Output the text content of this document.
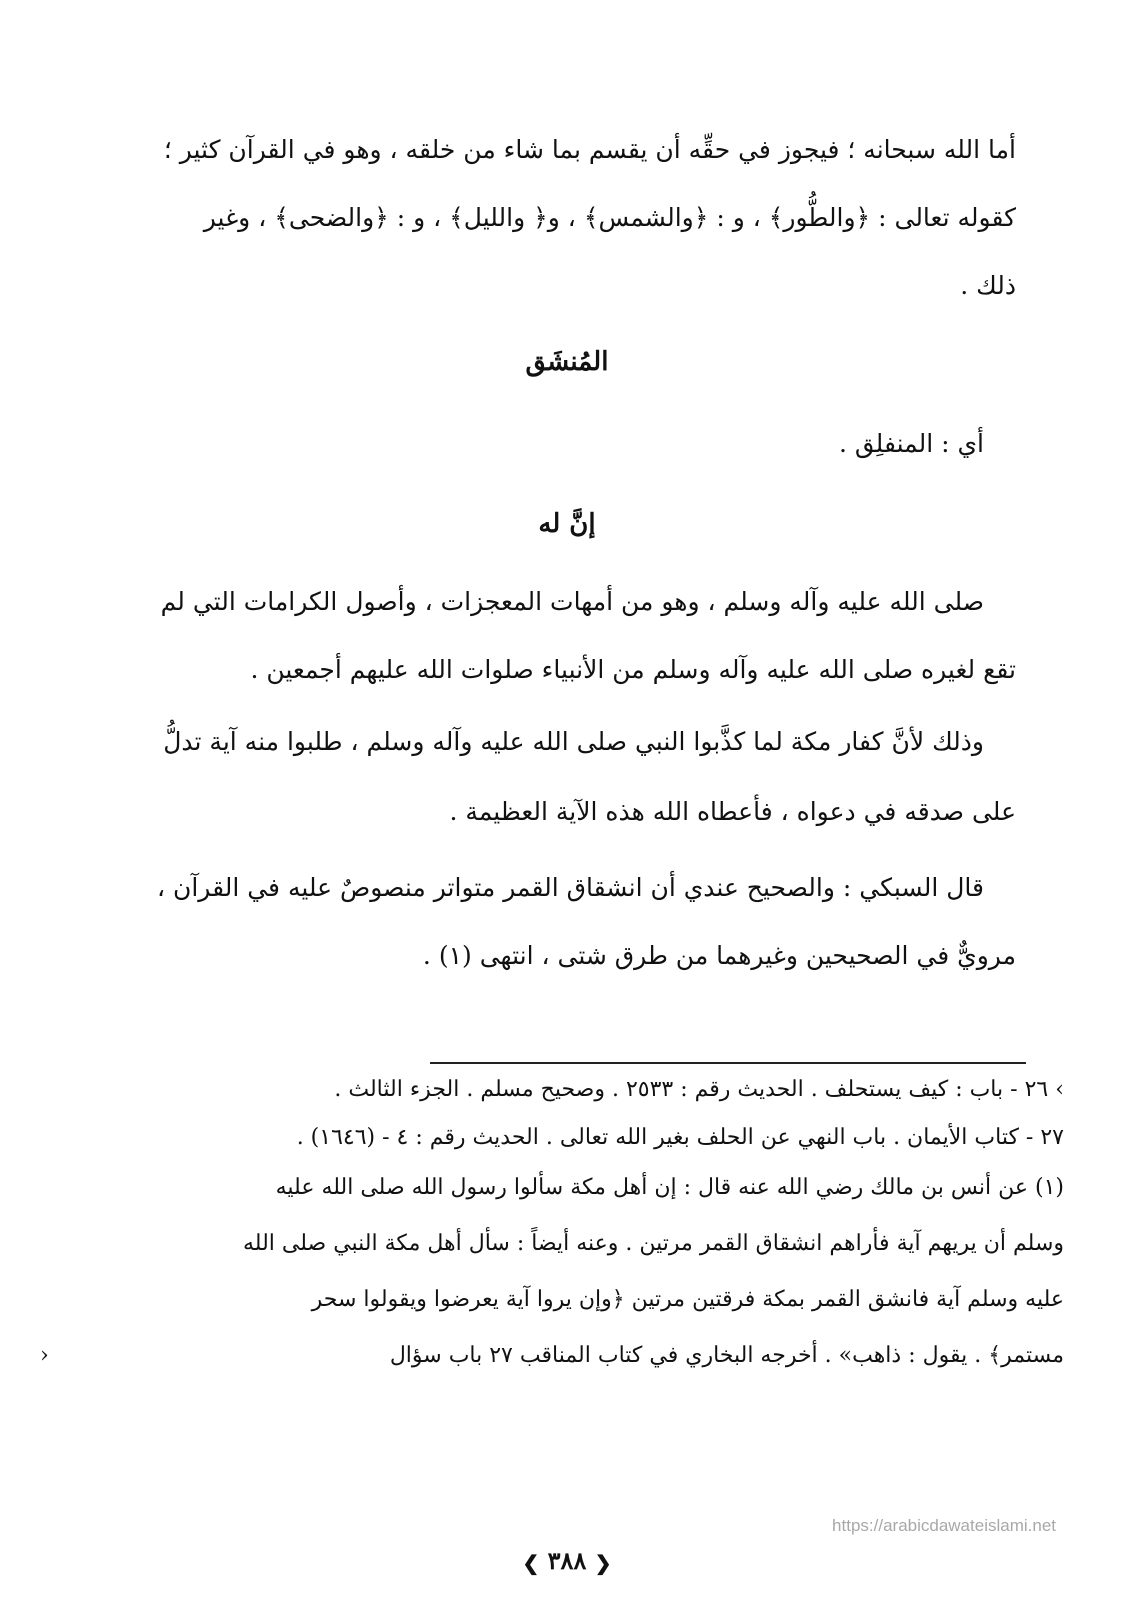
أما الله سبحانه ؛ فيجوز في حقِّه أن يقسم بما شاء من خلقه ، وهو في القرآن كثير ؛
كقوله تعالى : ﴿والطُّور﴾ ، و : ﴿والشمس﴾ ، و﴿ والليل﴾ ، و : ﴿والضحى﴾ ، وغير
ذلك .
المُنشَق
أي : المنفلِق .
إنَّ له
صلى الله عليه وآله وسلم ، وهو من أمهات المعجزات ، وأصول الكرامات التي لم
تقع لغيره صلى الله عليه وآله وسلم من الأنبياء صلوات الله عليهم أجمعين .
وذلك لأنَّ كفار مكة لما كذَّبوا النبي صلى الله عليه وآله وسلم ، طلبوا منه آية تدلُّ
على صدقه في دعواه ، فأعطاه الله هذه الآية العظيمة .
قال السبكي : والصحيح عندي أن انشقاق القمر متواتر منصوصٌ عليه في القرآن ،
مرويٌّ في الصحيحين وغيرهما من طرق شتى ، انتهى (١) .
› ٢٦ - باب : كيف يستحلف . الحديث رقم : ٢٥٣٣ . وصحيح مسلم . الجزء الثالث .
٢٧ - كتاب الأيمان . باب النهي عن الحلف بغير الله تعالى . الحديث رقم : ٤ - (١٦٤٦) .
(١) عن أنس بن مالك رضي الله عنه قال : إن أهل مكة سألوا رسول الله صلى الله عليه
وسلم أن يريهم آية فأراهم انشقاق القمر مرتين . وعنه أيضاً : سأل أهل مكة النبي صلى الله
عليه وسلم آية فانشق القمر بمكة فرقتين مرتين ﴿وإن يروا آية يعرضوا ويقولوا سحر
مستمر﴾ . يقول : ذاهب» . أخرجه البخاري في كتاب المناقب ٢٧ باب سؤال
›
https://arabicdawateislami.net
❮ ٣٨٨ ❯
